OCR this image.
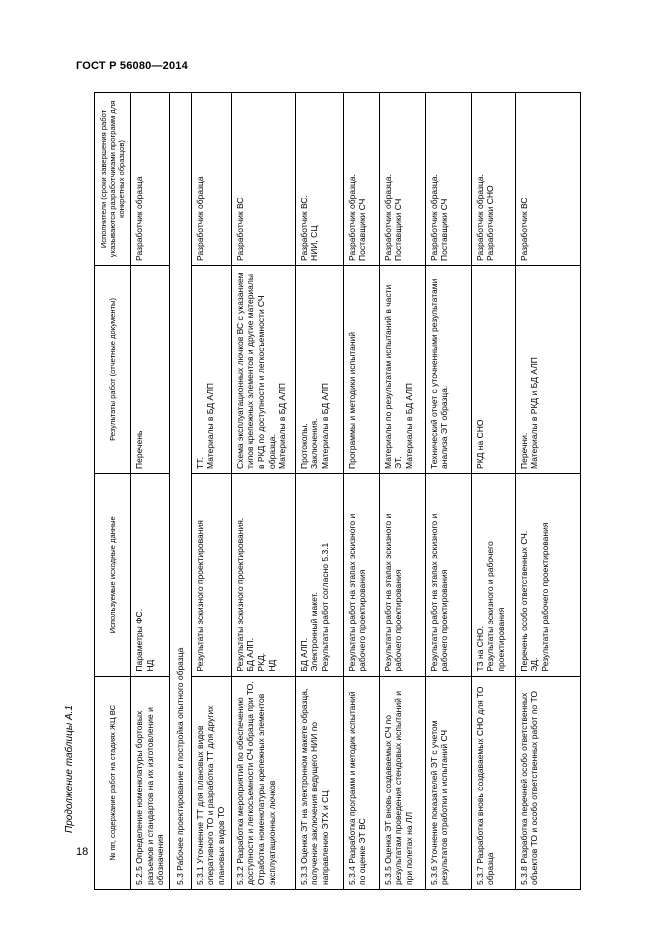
ГОСТ Р 56080—2014
Продолжение таблицы А.1
18	№ пп, содержание работ на стадиях ЖЦ ВС	Используемые исходные данные	Результаты работ (отчетные документы)	Исполнители (сроки завершения работ указываются разработчиками программ для конкретных образцов)
5.2.5 Определение номенклатуры бортовых разъемов и стандартов на их изготовление и обозначения	Параметры ФС. НД	Перечень	Разработчик образца

5.3 Рабочее проектирование и постройка опытного образца			
5.3.1 Уточнение ТТ для плановых видов оперативного ТО и разработка ТТ для других плановых видов ТО	Результаты эскизного проектирования	ТТ. Материалы в БД АЛП	Разработчик образца

5.3.2 Разработка мероприятий по обеспечению доступности и легкосъемности СЧ образца при ТО. Отработка номенклатуры крепежных элементов эксплуатационных лючков	Результаты эскизного проектирования. БД АЛП. РКД. НД	Схема эксплуатационных лючков ВС с указанием типов крепежных элементов и другие материалы в РКД по доступности и легкосъемности СЧ образца. Материалы в БД АЛП	Разработчик ВС

5.3.3 Оценка ЭТ на электронном макете образца, получение заключения ведущего НИИ по направлению ЭТХ и СЦ	БД АЛП. Электронный макет. Результаты работ согласно 5.3.1	Протоколы. Заключения. Материалы в БД АЛП	Разработчик ВС. НИИ, СЦ

5.3.4 Разработка программ и методик испытаний по оценке ЭТ ВС	Результаты работ на этапах эскизного и рабочего проектирования	Программы и методики испытаний	Разработчик образца. Поставщики СЧ

5.3.5 Оценка ЭТ вновь создаваемых СЧ по результатам проведения стендовых испытаний и при полетах на ЛЛ	Результаты работ на этапах эскизного и рабочего проектирования	Материалы по результатам испытаний в части ЭТ. Материалы в БД АЛП	Разработчик образца. Поставщики СЧ

5.3.6 Уточнение показателей ЭТ с учетом результатов отработки и испытаний СЧ	Результаты работ на этапах эскизного и рабочего проектирования	Технический отчет с уточненными результатами анализа ЭТ образца.	Разработчик образца. Поставщики СЧ

5.3.7 Разработка вновь создаваемых СНО для ТО образца	ТЗ на СНО. Результаты эскизного и рабочего проектирования	РКД на СНО	Разработчик образца. Разработчики СНО

5.3.8 Разработка перечней особо ответственных объектов ТО и особо ответственных работ по ТО	Перечень особо ответственных СЧ. ЭД. Результаты рабочего проектирования	Перечни. Материалы в РКД и БД АЛП	Разработчик ВС
